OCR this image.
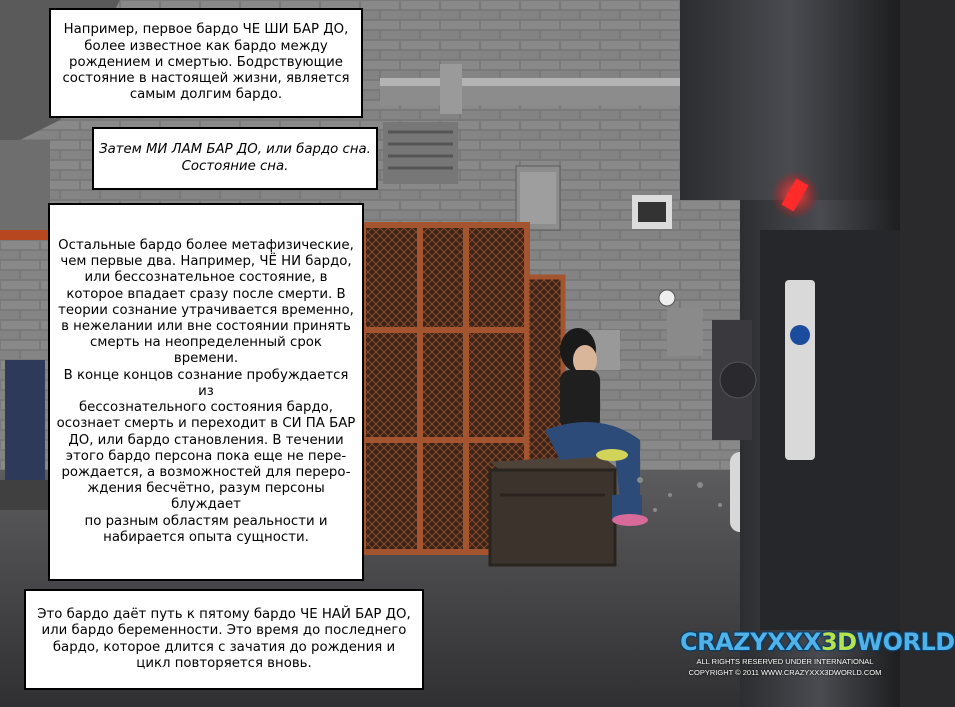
Например, первое бардо ЧЕ ШИ БАР ДО,
более известное как бардо между
рождением и смертью. Бодрствующие
состояние в настоящей жизни, является
самым долгим бардо.
Затем МИ ЛАМ БАР ДО, или бардо сна.
Состояние сна.
Остальные бардо более метафизические,
чем первые два. Например, ЧЁ НИ бардо,
или бессознательное состояние, в
которое впадает сразу после смерти. В
теории сознание утрачивается временно,
в нежелании или вне состоянии принять
смерть на неопределенный срок времени.
В конце концов сознание пробуждается из
бессознательного состояния бардо,
осознает смерть и переходит в СИ ПА БАР
ДО, или бардо становления. В течении
этого бардо персона пока еще не пере-
рождается, а возможностей для перерo-
ждения бесчётно, разум персоны блуждает
по разным областям реальности и
набирается опыта сущности.
Это бардо даёт путь к пятому бардо ЧЕ НАЙ БАР ДО,
или бардо беременности. Это время до последнего
бардо, которое длится с зачатия до рождения и
цикл повторяется вновь.
CRAZYXXX3DWORLD
ALL RIGHTS RESERVED UNDER INTERNATIONAL
COPYRIGHT © 2011 WWW.CRAZYXXX3DWORLD.COM
